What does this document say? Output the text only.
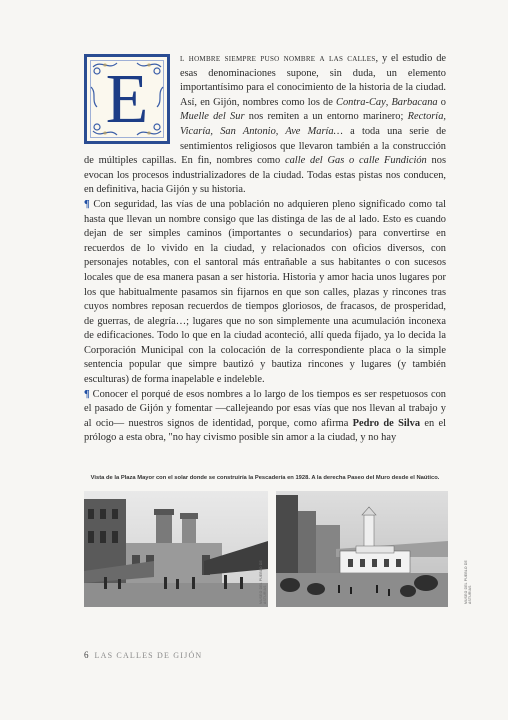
E

l hombre siempre puso nombre a las calles, y el estudio de esas denominaciones supone, sin duda, un elemento importantísimo para el conocimiento de la historia de la ciudad. Así, en Gijón, nombres como los de Contra-Cay, Barbacana o Muelle del Sur nos remiten a un entorno marinero; Rectoría, Vicaría, San Antonio, Ave María… a toda una serie de sentimientos religiosos que llevaron también a la construcción de múltiples capillas. En fin, nombres como calle del Gas o calle Fundición nos evocan los procesos industrializadores de la ciudad. Todas estas pistas nos conducen, en definitiva, hacia Gijón y su historia.

¶ Con seguridad, las vías de una población no adquieren pleno significado como tal hasta que llevan un nombre consigo que las distinga de las de al lado. Esto es cuando dejan de ser simples caminos (importantes o secundarios) para convertirse en recuerdos de lo vivido en la ciudad, y relacionados con oficios diversos, con personajes notables, con el santoral más entrañable a sus habitantes o con sucesos locales que de esa manera pasan a ser historia. Historia y amor hacia unos lugares por los que habitualmente pasamos sin fijarnos en que son calles, plazas y rincones tras cuyos nombres reposan recuerdos de tiempos gloriosos, de fracasos, de prosperidad, de guerras, de alegría…; lugares que no son simplemente una acumulación inconexa de edificaciones. Todo lo que en la ciudad aconteció, allí queda fijado, ya lo decida la Corporación Municipal con la colocación de la correspondiente placa o la simple sentencia popular que simpre bautizó y bautiza rincones y lugares (y también esculturas) de forma inapelable e indeleble.

¶ Conocer el porqué de esos nombres a lo largo de los tiempos es ser respetuosos con el pasado de Gijón y fomentar —callejeando por esas vías que nos llevan al trabajo y al ocio— nuestros signos de identidad, porque, como afirma Pedro de Silva en el prólogo a esta obra, "no hay civismo posible sin amor a la ciudad, y no hay

Vista de la Plaza Mayor con el solar donde se construiría la Pescadería en 1928. A la derecha Paseo del Muro desde el Naútico.
MUSEO DEL PUEBLO DE ASTURIAS	MUSEO DEL PUEBLO DE ASTURIAS
6 LAS CALLES DE GIJÓN
